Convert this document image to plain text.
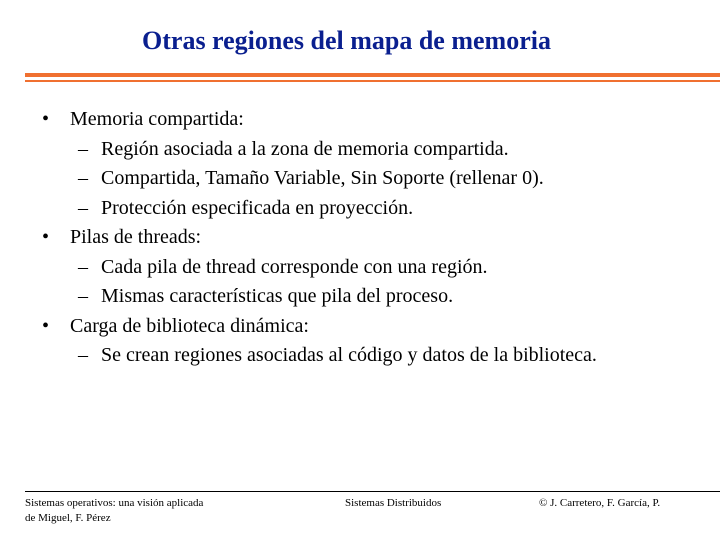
Otras regiones del mapa de memoria
• Memoria compartida:
– Región asociada a la zona de memoria compartida.
– Compartida, Tamaño Variable, Sin Soporte (rellenar 0).
– Protección especificada en proyección.
• Pilas de threads:
– Cada pila de thread corresponde con una región.
– Mismas características que pila del proceso.
• Carga de biblioteca dinámica:
– Se crean regiones asociadas al código y datos de la biblioteca.
Sistemas operativos: una visión aplicada
de Miguel, F. Pérez
Sistemas Distribuidos	© J. Carretero, F. García, P.
